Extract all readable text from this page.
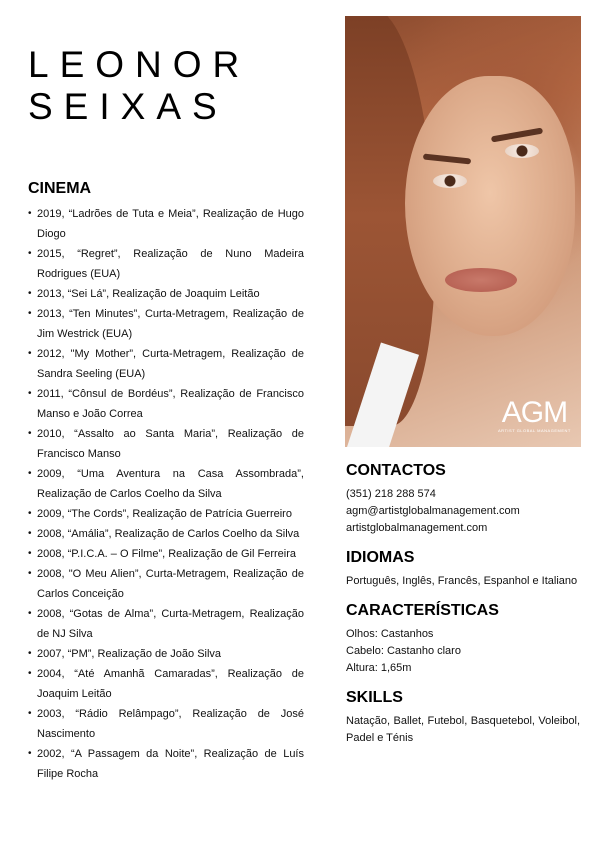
LEONOR
SEIXAS
CINEMA
• 2019, “Ladrões de Tuta e Meia”, Realização de Hugo Diogo
• 2015, “Regret”, Realização de Nuno Madeira Rodrigues (EUA)
• 2013, “Sei Lá”, Realização de Joaquim Leitão
• 2013, “Ten Minutes”, Curta-Metragem, Realização de Jim Westrick (EUA)
• 2012, "My Mother”, Curta-Metragem, Realização de Sandra Seeling (EUA)
• 2011, “Cônsul de Bordéus”, Realização de Francisco Manso e João Correa
• 2010, “Assalto ao Santa Maria”, Realização de Francisco Manso
• 2009, “Uma Aventura na Casa Assombrada”, Realização de Carlos Coelho da Silva
• 2009, “The Cords”, Realização de Patrícia Guerreiro
• 2008, “Amália”, Realização de Carlos Coelho da Silva
• 2008, “P.I.C.A. – O Filme”, Realização de Gil Ferreira
• 2008, "O Meu Alien”, Curta-Metragem, Realização de Carlos Conceição
• 2008, “Gotas de Alma”, Curta-Metragem, Realização de NJ Silva
• 2007, “PM”, Realização de João Silva
• 2004, “Até Amanhã Camaradas”, Realização de Joaquim Leitão
• 2003, “Rádio Relâmpago”, Realização de José Nascimento
• 2002, “A Passagem da Noite”, Realização de Luís Filipe Rocha
AGM
ARTIST GLOBAL MANAGEMENT
CONTACTOS

(351) 218 288 574

agm@artistglobalmanagement.com

artistglobalmanagement.com

IDIOMAS

Português, Inglês, Francês, Espanhol e Italiano

CARACTERÍSTICAS

Olhos: Castanhos

Cabelo: Castanho claro

Altura: 1,65m

SKILLS

Natação, Ballet, Futebol, Basquetebol, Voleibol, Padel e Ténis
